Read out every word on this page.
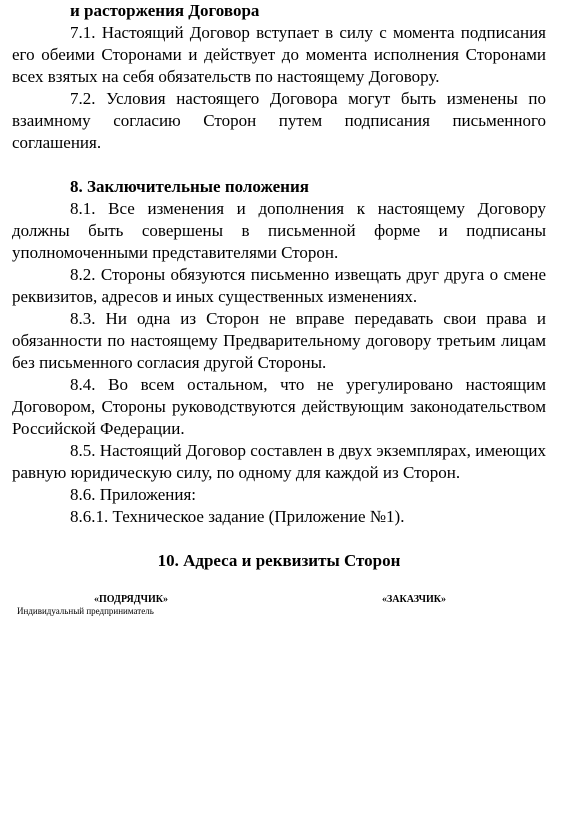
и расторжения Договора

7.1. Настоящий Договор вступает в силу с момента подписания его обеими Сторонами и действует до момента исполнения Сторонами всех взятых на себя обязательств по настоящему Договору.

7.2. Условия настоящего Договора могут быть изменены по взаимному согласию Сторон путем подписания письменного соглашения.

8. Заключительные положения

8.1. Все изменения и дополнения к настоящему Договору должны быть совершены в письменной форме и подписаны уполномоченными представителями Сторон.

8.2. Стороны обязуются письменно извещать друг друга о смене реквизитов, адресов и иных существенных изменениях.

8.3. Ни одна из Сторон не вправе передавать свои права и обязанности по настоящему Предварительному договору третьим лицам без письменного согласия другой Стороны.

8.4. Во всем остальном, что не урегулировано настоящим Договором, Стороны руководствуются действующим законодательством Российской Федерации.

8.5. Настоящий Договор составлен в двух экземплярах, имеющих равную юридическую силу, по одному для каждой из Сторон.

8.6. Приложения:

8.6.1. Техническое задание (Приложение №1).

10. Адреса и реквизиты Сторон

«ПОДРЯДЧИК»	«ЗАКАЗЧИК»

Индивидуальный предприниматель
